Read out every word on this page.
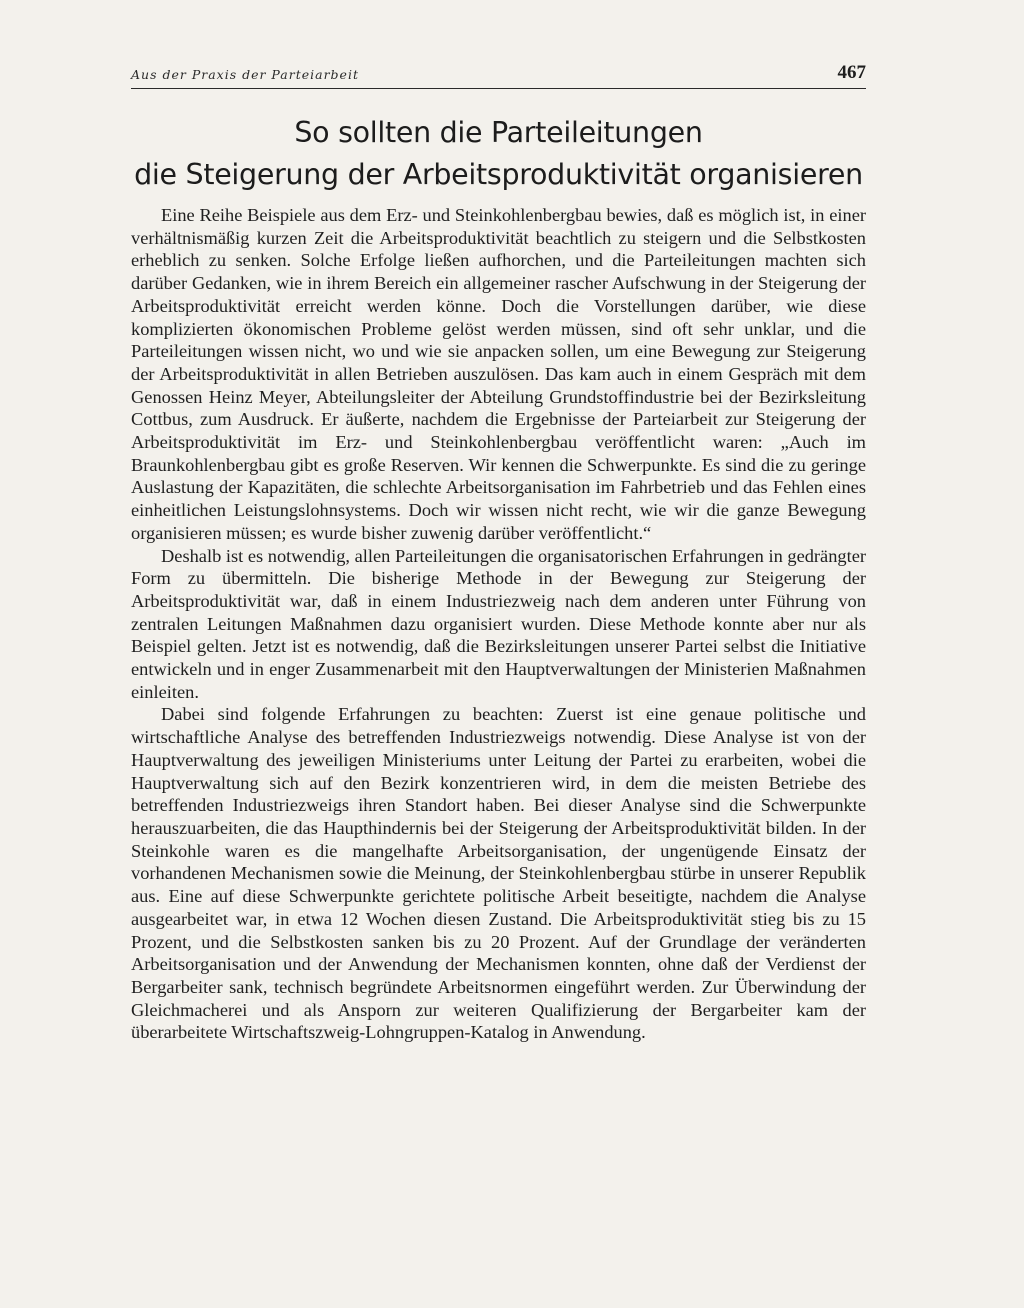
Aus der Praxis der Parteiarbeit	467
So sollten die Parteileitungen
die Steigerung der Arbeitsproduktivität organisieren

Eine Reihe Beispiele aus dem Erz- und Steinkohlenbergbau bewies, daß es möglich ist, in einer verhältnismäßig kurzen Zeit die Arbeitsproduktivität beachtlich zu steigern und die Selbstkosten erheblich zu senken. Solche Erfolge ließen aufhorchen, und die Parteileitungen machten sich darüber Gedanken, wie in ihrem Bereich ein allgemeiner rascher Aufschwung in der Steigerung der Arbeitsproduktivität erreicht werden könne. Doch die Vorstellungen darüber, wie diese komplizierten ökonomischen Probleme gelöst werden müssen, sind oft sehr unklar, und die Parteileitungen wissen nicht, wo und wie sie anpacken sollen, um eine Bewegung zur Steigerung der Arbeitsproduktivität in allen Betrieben auszulösen. Das kam auch in einem Gespräch mit dem Genossen Heinz Meyer, Abteilungsleiter der Abteilung Grundstoffindustrie bei der Bezirksleitung Cottbus, zum Ausdruck. Er äußerte, nachdem die Ergebnisse der Parteiarbeit zur Steigerung der Arbeitsproduktivität im Erz- und Steinkohlenbergbau veröffentlicht waren: „Auch im Braunkohlenbergbau gibt es große Reserven. Wir kennen die Schwerpunkte. Es sind die zu geringe Auslastung der Kapazitäten, die schlechte Arbeitsorganisation im Fahrbetrieb und das Fehlen eines einheitlichen Leistungslohnsystems. Doch wir wissen nicht recht, wie wir die ganze Bewegung organisieren müssen; es wurde bisher zuwenig darüber veröffentlicht.“

Deshalb ist es notwendig, allen Parteileitungen die organisatorischen Erfahrungen in gedrängter Form zu übermitteln. Die bisherige Methode in der Bewegung zur Steigerung der Arbeitsproduktivität war, daß in einem Industriezweig nach dem anderen unter Führung von zentralen Leitungen Maßnahmen dazu organisiert wurden. Diese Methode konnte aber nur als Beispiel gelten. Jetzt ist es notwendig, daß die Bezirksleitungen unserer Partei selbst die Initiative entwickeln und in enger Zusammenarbeit mit den Hauptverwaltungen der Ministerien Maßnahmen einleiten.

Dabei sind folgende Erfahrungen zu beachten: Zuerst ist eine genaue politische und wirtschaftliche Analyse des betreffenden Industriezweigs notwendig. Diese Analyse ist von der Hauptverwaltung des jeweiligen Ministeriums unter Leitung der Partei zu erarbeiten, wobei die Hauptverwaltung sich auf den Bezirk konzentrieren wird, in dem die meisten Betriebe des betreffenden Industriezweigs ihren Standort haben. Bei dieser Analyse sind die Schwerpunkte herauszuarbeiten, die das Haupthindernis bei der Steigerung der Arbeitsproduktivität bilden. In der Steinkohle waren es die mangelhafte Arbeitsorganisation, der ungenügende Einsatz der vorhandenen Mechanismen sowie die Meinung, der Steinkohlenbergbau stürbe in unserer Republik aus. Eine auf diese Schwerpunkte gerichtete politische Arbeit beseitigte, nachdem die Analyse ausgearbeitet war, in etwa 12 Wochen diesen Zustand. Die Arbeitsproduktivität stieg bis zu 15 Prozent, und die Selbstkosten sanken bis zu 20 Prozent. Auf der Grundlage der veränderten Arbeitsorganisation und der Anwendung der Mechanismen konnten, ohne daß der Verdienst der Bergarbeiter sank, technisch begründete Arbeitsnormen eingeführt werden. Zur Überwindung der Gleichmacherei und als Ansporn zur weiteren Qualifizierung der Bergarbeiter kam der überarbeitete Wirtschaftszweig-Lohngruppen-Katalog in Anwendung.
